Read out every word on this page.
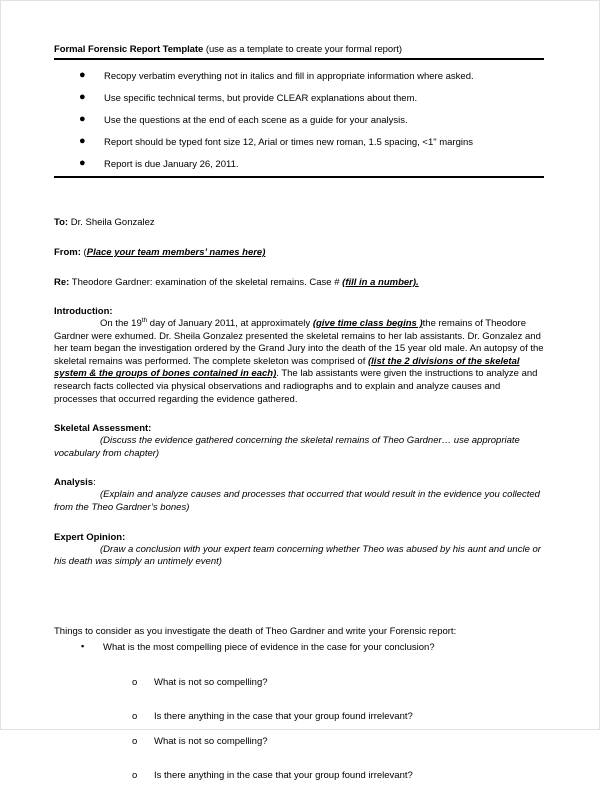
Formal Forensic Report Template (use as a template to create your formal report)
● Recopy verbatim everything not in italics and fill in appropriate information where asked.
● Use specific technical terms, but provide CLEAR explanations about them.
● Use the questions at the end of each scene as a guide for your analysis.
● Report should be typed font size 12, Arial or times new roman, 1.5 spacing, <1" margins
● Report is due January 26, 2011.
To: Dr. Sheila Gonzalez
From: (Place your team members’ names here)
Re: Theodore Gardner: examination of the skeletal remains. Case # (fill in a number).
Introduction:
On the 19th day of January 2011, at approximately (give time class begins )the remains of Theodore Gardner were exhumed. Dr. Sheila Gonzalez presented the skeletal remains to her lab assistants. Dr. Gonzalez and her team began the investigation ordered by the Grand Jury into the death of the 15 year old male. An autopsy of the skeletal remains was performed. The complete skeleton was comprised of (list the 2 divisions of the skeletal system & the groups of bones contained in each). The lab assistants were given the instructions to analyze and research facts collected via physical observations and radiographs and to explain and analyze causes and processes that occurred regarding the evidence gathered.
Skeletal Assessment:
(Discuss the evidence gathered concerning the skeletal remains of Theo Gardner… use appropriate vocabulary from chapter)
Analysis:
(Explain and analyze causes and processes that occurred that would result in the evidence you collected from the Theo Gardner’s bones)
Expert Opinion:
(Draw a conclusion with your expert team concerning whether Theo was abused by his aunt and uncle or his death was simply an untimely event)
Things to consider as you investigate the death of Theo Gardner and write your Forensic report:
▪ What is the most compelling piece of evidence in the case for your conclusion?
o What is not so compelling?
o Is there anything in the case that your group found irrelevant?
o What is not so compelling?
o Is there anything in the case that your group found irrelevant?
